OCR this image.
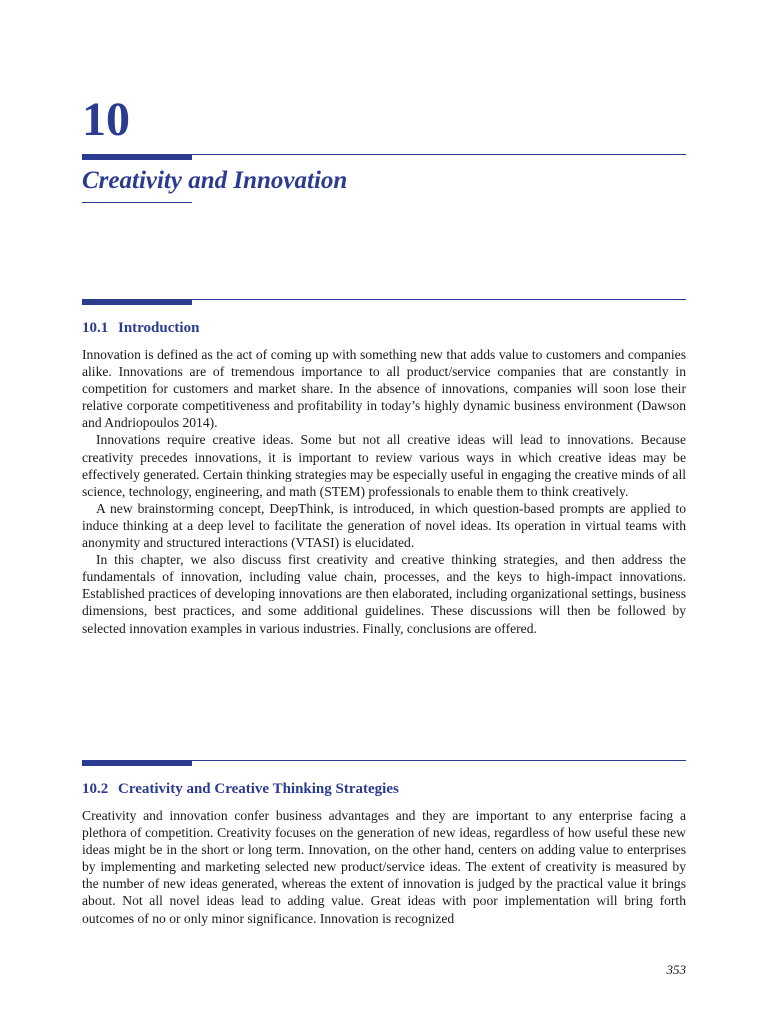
10
Creativity and Innovation
10.1 Introduction

Innovation is defined as the act of coming up with something new that adds value to customers and companies alike. Innovations are of tremendous importance to all product/service companies that are constantly in competition for customers and market share. In the absence of innovations, companies will soon lose their relative corporate competitiveness and profitability in today’s highly dynamic business environment (Dawson and Andriopoulos 2014).

Innovations require creative ideas. Some but not all creative ideas will lead to innovations. Because creativity precedes innovations, it is important to review various ways in which creative ideas may be effectively generated. Certain thinking strategies may be especially useful in engaging the creative minds of all science, technology, engineering, and math (STEM) professionals to enable them to think creatively.

A new brainstorming concept, DeepThink, is introduced, in which question-based prompts are applied to induce thinking at a deep level to facilitate the generation of novel ideas. Its operation in virtual teams with anonymity and structured interactions (VTASI) is elucidated.

In this chapter, we also discuss first creativity and creative thinking strategies, and then address the fundamentals of innovation, including value chain, processes, and the keys to high-impact innovations. Established practices of developing innovations are then elaborated, including organizational settings, business dimensions, best practices, and some additional guidelines. These discussions will then be followed by selected innovation examples in various industries. Finally, conclusions are offered.

10.2 Creativity and Creative Thinking Strategies

Creativity and innovation confer business advantages and they are important to any enterprise facing a plethora of competition. Creativity focuses on the generation of new ideas, regardless of how useful these new ideas might be in the short or long term. Innovation, on the other hand, centers on adding value to enterprises by implementing and marketing selected new product/service ideas. The extent of creativity is measured by the number of new ideas generated, whereas the extent of innovation is judged by the practical value it brings about. Not all novel ideas lead to adding value. Great ideas with poor implementation will bring forth outcomes of no or only minor significance. Innovation is recognized

353
